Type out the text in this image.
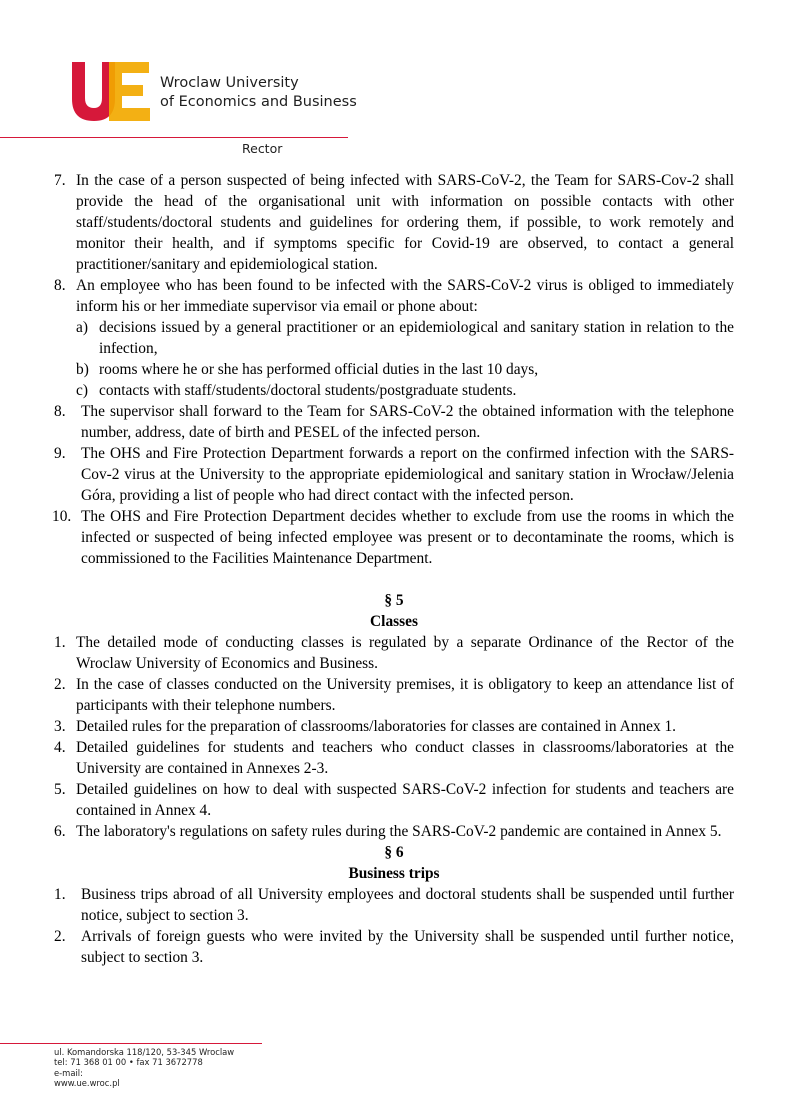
Wroclaw University
of Economics and Business
Rector
7. In the case of a person suspected of being infected with SARS-CoV-2, the Team for SARS-Cov-2 shall provide the head of the organisational unit with information on possible contacts with other staff/students/doctoral students and guidelines for ordering them, if possible, to work remotely and monitor their health, and if symptoms specific for Covid-19 are observed, to contact a general practitioner/sanitary and epidemiological station.
8. An employee who has been found to be infected with the SARS-CoV-2 virus is obliged to immediately inform his or her immediate supervisor via email or phone about:
a) decisions issued by a general practitioner or an epidemiological and sanitary station in relation to the infection,
b) rooms where he or she has performed official duties in the last 10 days,
c) contacts with staff/students/doctoral students/postgraduate students.
8. The supervisor shall forward to the Team for SARS-CoV-2 the obtained information with the telephone number, address, date of birth and PESEL of the infected person.
9. The OHS and Fire Protection Department forwards a report on the confirmed infection with the SARS-Cov-2 virus at the University to the appropriate epidemiological and sanitary station in Wrocław/Jelenia Góra, providing a list of people who had direct contact with the infected person.
10. The OHS and Fire Protection Department decides whether to exclude from use the rooms in which the infected or suspected of being infected employee was present or to decontaminate the rooms, which is commissioned to the Facilities Maintenance Department.
§ 5
Classes
1. The detailed mode of conducting classes is regulated by a separate Ordinance of the Rector of the Wroclaw University of Economics and Business.
2. In the case of classes conducted on the University premises, it is obligatory to keep an attendance list of participants with their telephone numbers.
3. Detailed rules for the preparation of classrooms/laboratories for classes are contained in Annex 1.
4. Detailed guidelines for students and teachers who conduct classes in classrooms/laboratories at the University are contained in Annexes 2-3.
5. Detailed guidelines on how to deal with suspected SARS-CoV-2 infection for students and teachers are contained in Annex 4.
6. The laboratory's regulations on safety rules during the SARS-CoV-2 pandemic are contained in Annex 5.
§ 6
Business trips
1. Business trips abroad of all University employees and doctoral students shall be suspended until further notice, subject to section 3.
2. Arrivals of foreign guests who were invited by the University shall be suspended until further notice, subject to section 3.
ul. Komandorska 118/120, 53-345 Wroclaw
tel: 71 368 01 00 • fax 71 3672778
e-mail:
www.ue.wroc.pl
